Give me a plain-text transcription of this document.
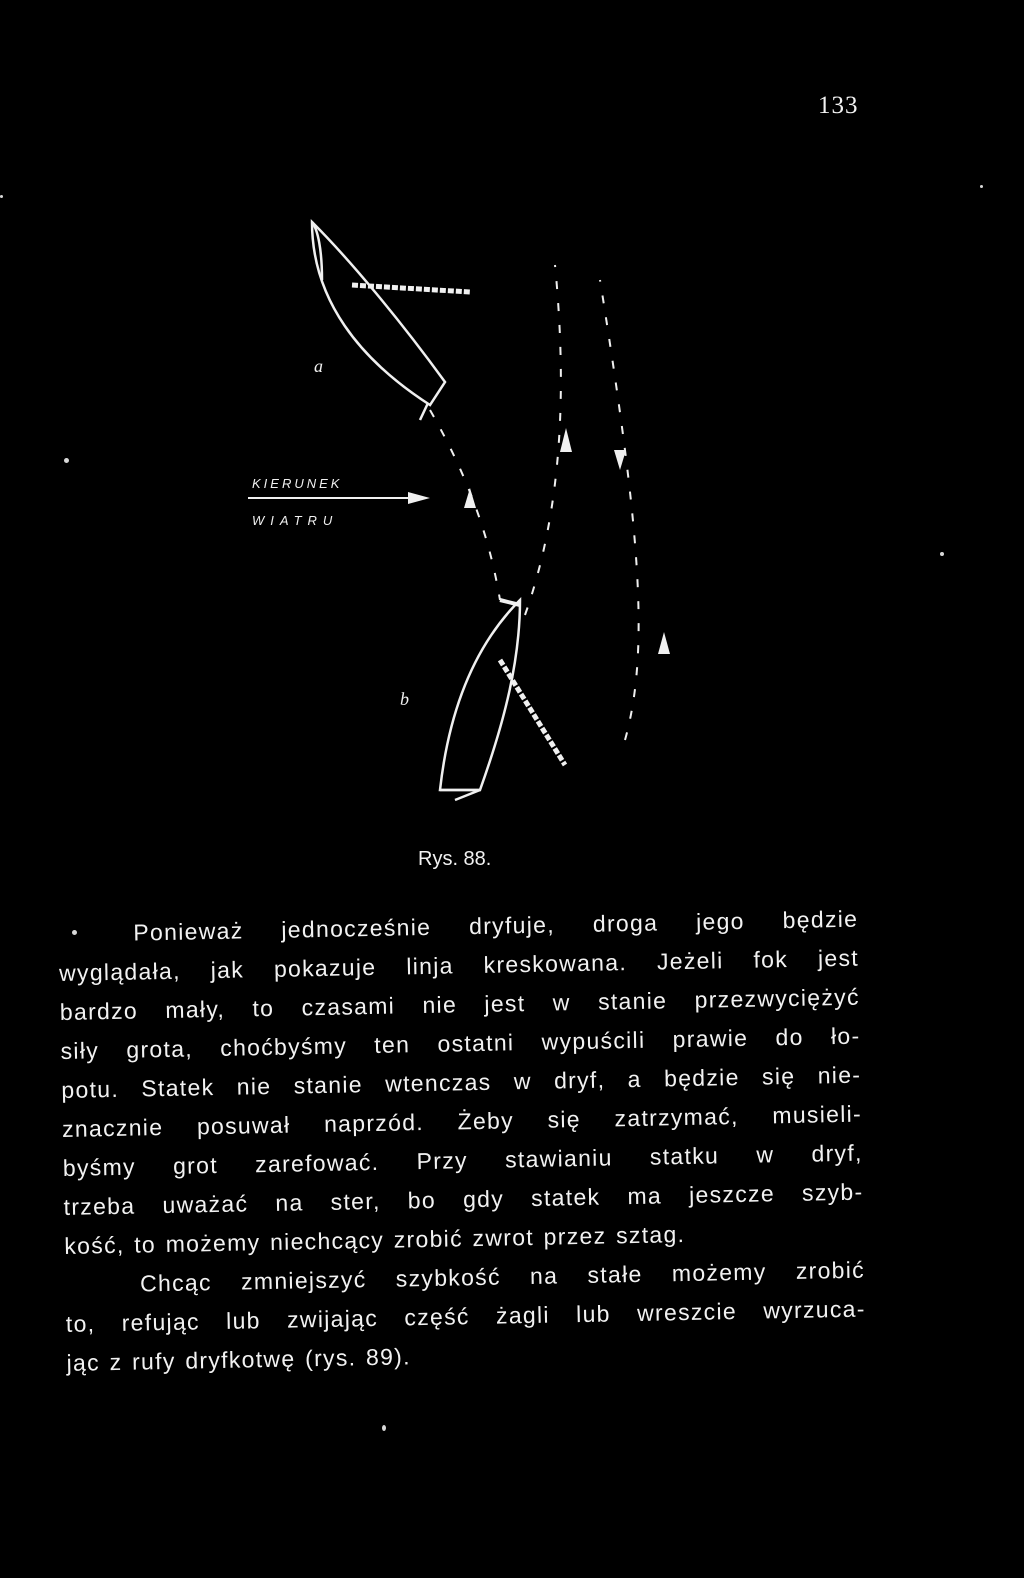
133
KIERUNEK
WIATRU
a
b
Rys. 88.
Ponieważ jednocześnie dryfuje, droga jego będzie
wyglądała, jak pokazuje linja kreskowana. Jeżeli fok jest
bardzo mały, to czasami nie jest w stanie przezwyciężyć
siły grota, choćbyśmy ten ostatni wypuścili prawie do ło-
potu. Statek nie stanie wtenczas w dryf, a będzie się nie-
znacznie posuwał naprzód. Żeby się zatrzymać, musieli-
byśmy grot zarefować. Przy stawianiu statku w dryf,
trzeba uważać na ster, bo gdy statek ma jeszcze szyb-
kość, to możemy niechcący zrobić zwrot przez sztag.
Chcąc zmniejszyć szybkość na stałe możemy zrobić
to, refując lub zwijając część żagli lub wreszcie wyrzuca-
jąc z rufy dryfkotwę (rys. 89).
